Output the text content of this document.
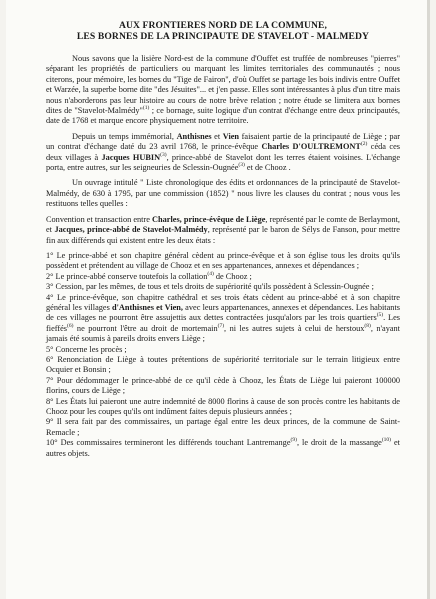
AUX FRONTIERES NORD DE LA COMMUNE,
LES BORNES DE LA PRINCIPAUTE DE STAVELOT - MALMEDY

Nous savons que la lisière Nord-est de la commune d'Ouffet est truffée de nombreuses "pierres" séparant les propriétés de particuliers ou marquant les limites territoriales des communautés ; nous citerons, pour mémoire, les bornes du "Tige de Fairon", d'où Ouffet se partage les bois indivis entre Ouffet et Warzée, la superbe borne dite "des Jésuites"... et j'en passe. Elles sont intéressantes à plus d'un titre mais nous n'aborderons pas leur histoire au cours de notre brève relation ; notre étude se limitera aux bornes dites de "Stavelot-Malmédy"$^{(1)}$ ; ce bornage, suite logique d'un contrat d'échange entre deux principautés, date de 1768 et marque encore physiquement notre territoire.

Depuis un temps immémorial, Anthisnes et Vien faisaient partie de la principauté de Liège ; par un contrat d'échange daté du 23 avril 1768, le prince-évêque Charles D'OULTREMONT$^{(2)}$ céda ces deux villages à Jacques HUBIN$^{(3)}$, prince-abbé de Stavelot dont les terres étaient voisines. L'échange porta, entre autres, sur les seigneuries de Sclessin-Ougnée$^{(3)}$ et de Chooz .

Un ouvrage intitulé " Liste chronologique des édits et ordonnances de la principauté de Stavelot-Malmédy, de 630 à 1795, par une commission (1852) " nous livre les clauses du contrat ; nous vous les restituons telles quelles :

Convention et transaction entre Charles, prince-évêque de Liège, représenté par le comte de Berlaymont, et Jacques, prince-abbé de Stavelot-Malmédy, représenté par le baron de Sélys de Fanson, pour mettre fin aux différends qui existent entre les deux états :

1° Le prince-abbé et son chapitre général cèdent au prince-évêque et à son église tous les droits qu'ils possèdent et prétendent au village de Chooz et en ses appartenances, annexes et dépendances ;

2° Le prince-abbé conserve toutefois la collation$^{(4)}$ de Chooz ;

3° Cession, par les mêmes, de tous et tels droits de supériorité qu'ils possèdent à Sclessin-Ougnée ;

4° Le prince-évêque, son chapitre cathédral et ses trois états cèdent au prince-abbé et à son chapitre général les villages d'Anthisnes et Vien, avec leurs appartenances, annexes et dépendances. Les habitants de ces villages ne pourront être assujettis aux dettes contractées jusqu'alors par les trois quartiers$^{(5)}$. Les fieffés$^{(6)}$ ne pourront l'être au droit de mortemain$^{(7)}$, ni les autres sujets à celui de herstoux$^{(8)}$, n'ayant jamais été soumis à pareils droits envers Liège ;

5° Concerne les procès ;

6° Renonciation de Liège à toutes prétentions de supériorité territoriale sur le terrain litigieux entre Ocquier et Bonsin ;

7° Pour dédommager le prince-abbé de ce qu'il cède à Chooz, les États de Liège lui paieront 100000 florins, cours de Liège ;

8° Les États lui paieront une autre indemnité de 8000 florins à cause de son procès contre les habitants de Chooz pour les coupes qu'ils ont indûment faites depuis plusieurs années ;

9° Il sera fait par des commissaires, un partage égal entre les deux princes, de la commune de Saint-Remacle ;

10° Des commissaires termineront les différends touchant Lantremange$^{(9)}$, le droit de la massange$^{(10)}$ et autres objets.
